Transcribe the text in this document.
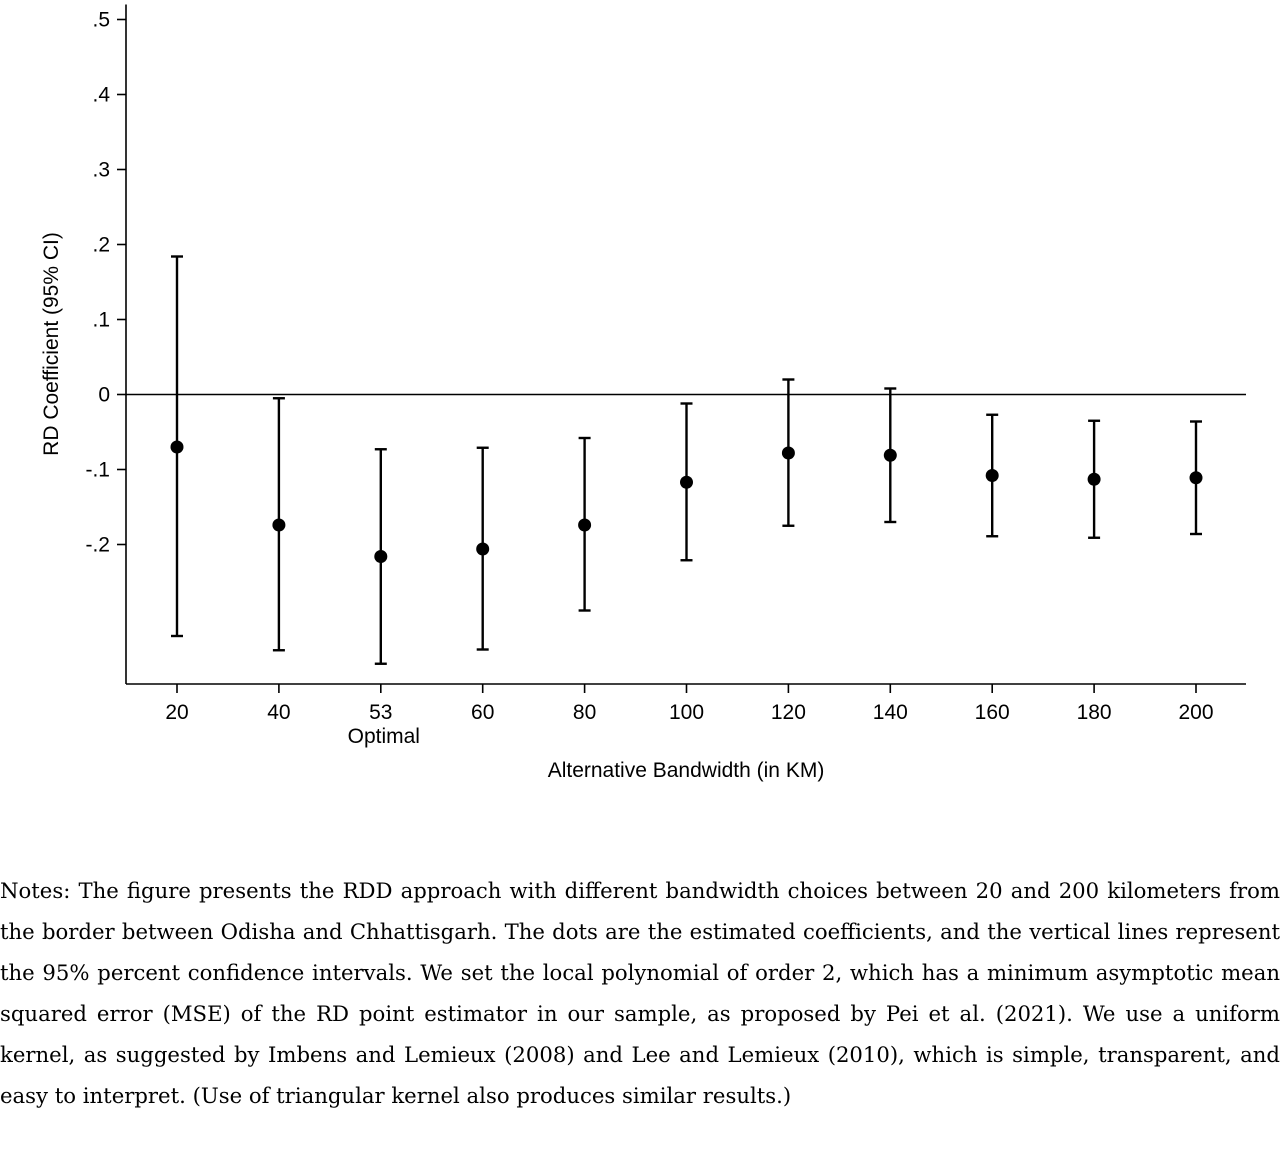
.5
.4
.3
.2
.1
0
-.1
-.2
20	40	53
Optimal
60	80	100	120	140	160	180	200
Alternative Bandwidth (in KM)
RD Coefficient (95% CI)

Notes: The figure presents the RDD approach with different bandwidth choices between 20 and 200 kilometers from the border between Odisha and Chhattisgarh. The dots are the estimated coefficients, and the vertical lines represent the 95% percent confidence intervals. We set the local polynomial of order 2, which has a minimum asymptotic mean squared error (MSE) of the RD point estimator in our sample, as proposed by Pei et al. (2021). We use a uniform kernel, as suggested by Imbens and Lemieux (2008) and Lee and Lemieux (2010), which is simple, transparent, and easy to interpret. (Use of triangular kernel also produces similar results.)
